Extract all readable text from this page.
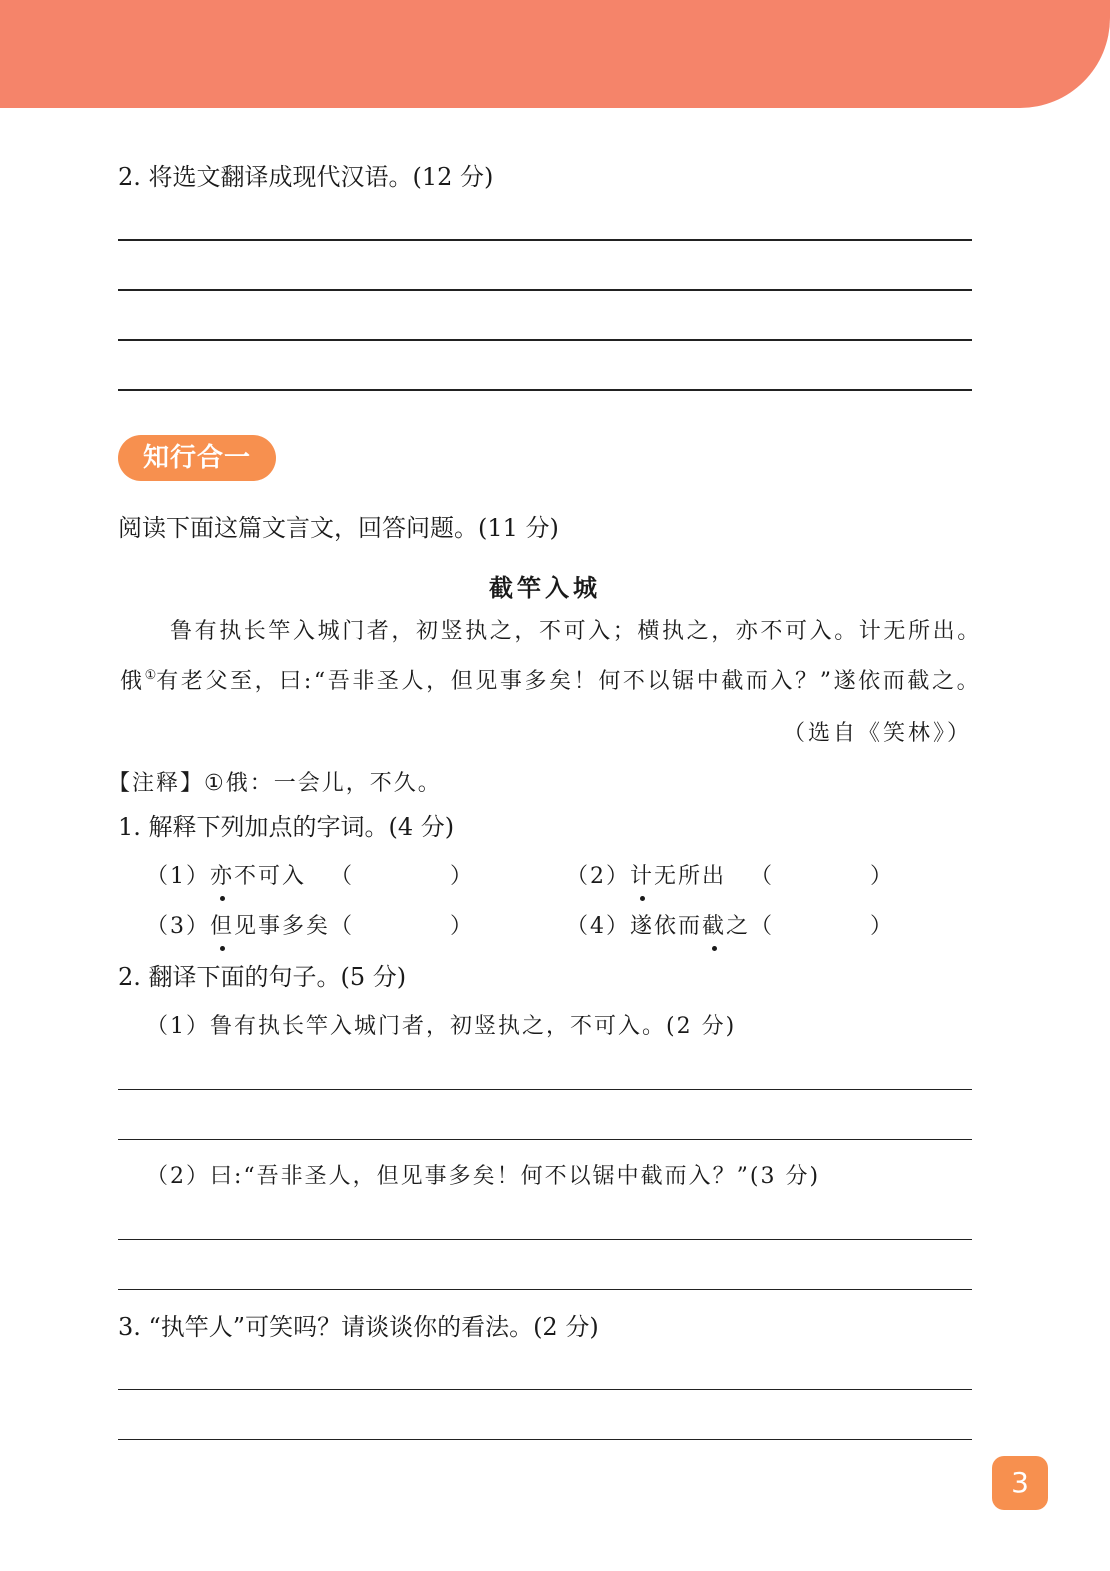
2. 将选文翻译成现代汉语。(12 分)
知行合一
阅读下面这篇文言文，回答问题。(11 分)
截竿入城
鲁有执长竿入城门者，初竖执之，不可入；横执之，亦不可入。计无所出。
俄①有老父至，曰:“吾非圣人，但见事多矣！何不以锯中截而入？”遂依而截之。
（选自《笑林》）
【注释】①俄：一会儿，不久。
1. 解释下列加点的字词。(4 分)
（1）亦不可入 （　　　　）	（2）计无所出 （　　　　）
（3）但见事多矣 （　　　　）	（4）遂依而截之 （　　　　）
2. 翻译下面的句子。(5 分)
（1）鲁有执长竿入城门者，初竖执之，不可入。(2 分)
（2）曰:“吾非圣人，但见事多矣！何不以锯中截而入？”(3 分)
3. “执竿人”可笑吗？请谈谈你的看法。(2 分)
3
